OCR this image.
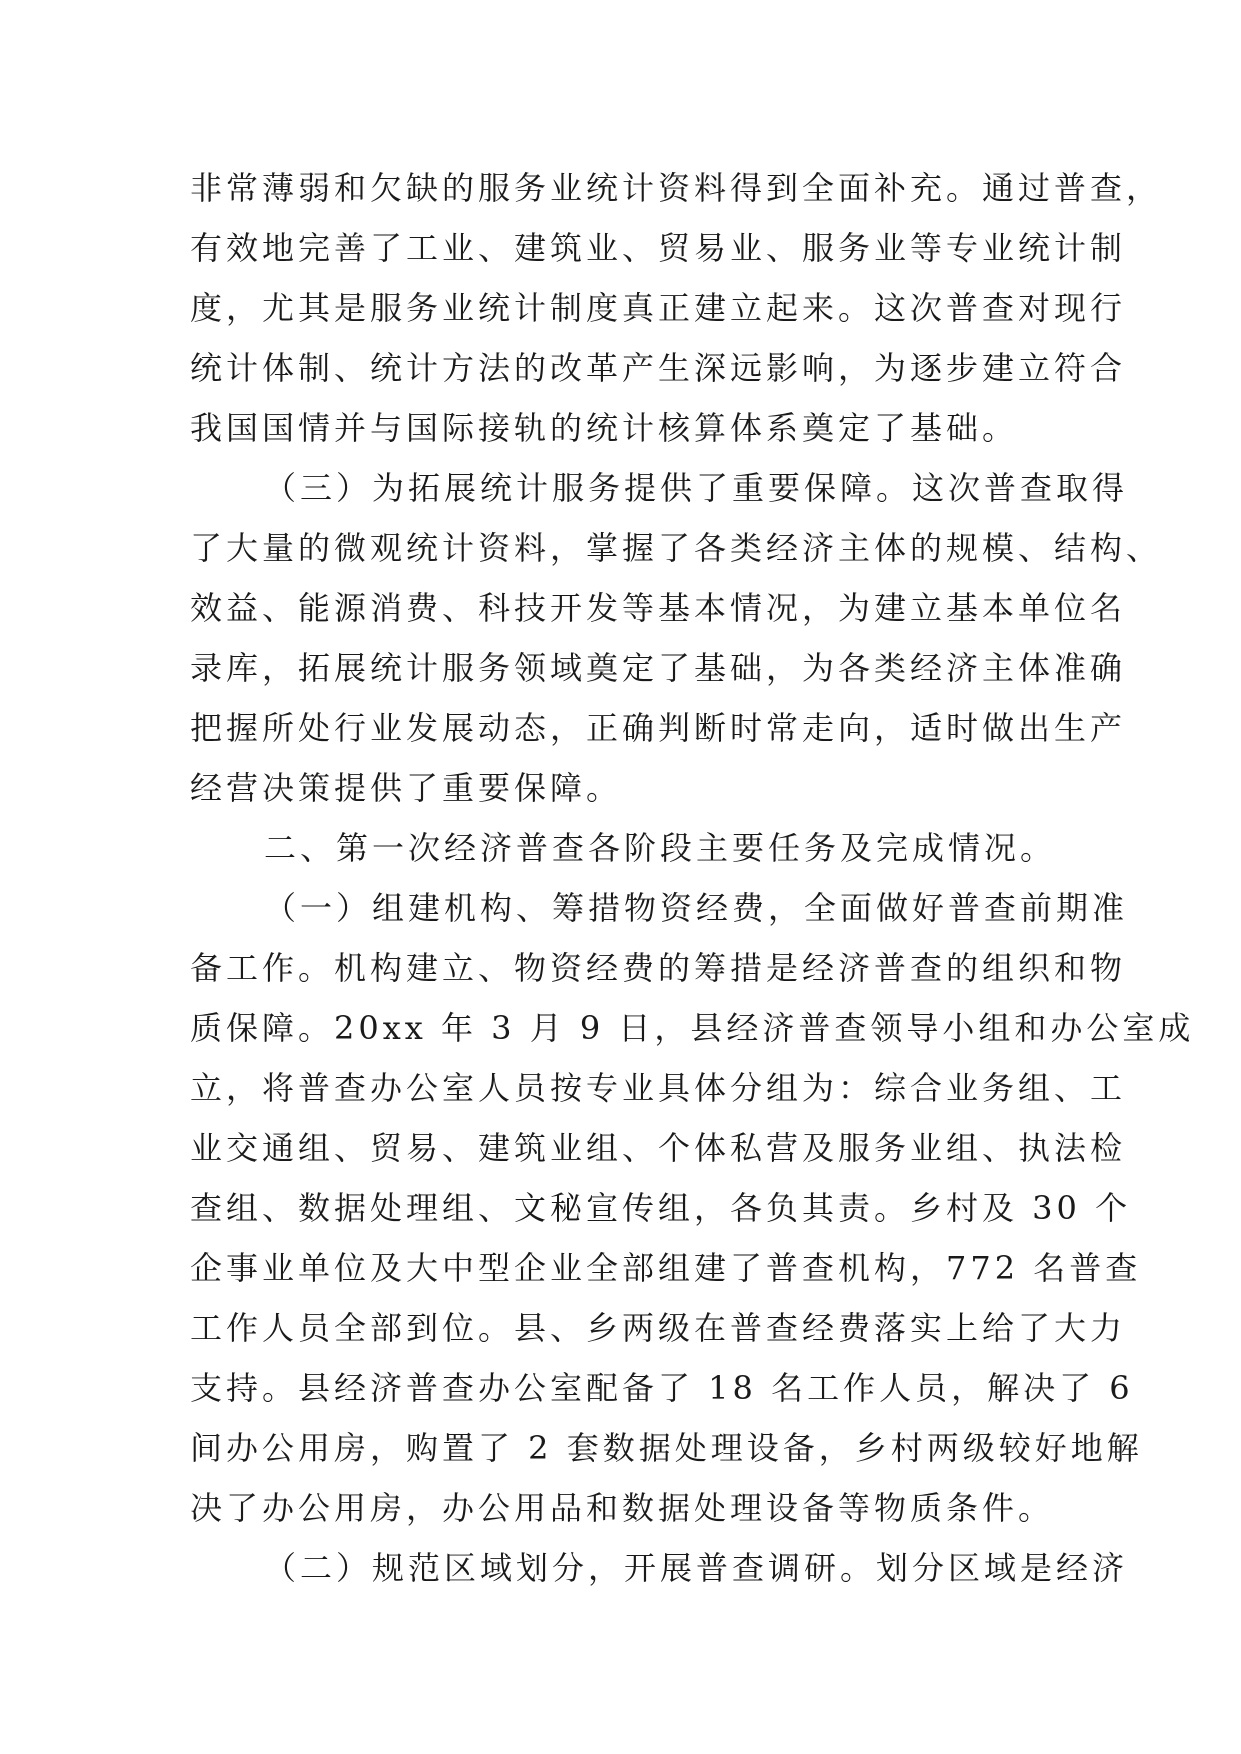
非常薄弱和欠缺的服务业统计资料得到全面补充。通过普查，
有效地完善了工业、建筑业、贸易业、服务业等专业统计制
度，尤其是服务业统计制度真正建立起来。这次普查对现行
统计体制、统计方法的改革产生深远影响，为逐步建立符合
我国国情并与国际接轨的统计核算体系奠定了基础。
（三）为拓展统计服务提供了重要保障。这次普查取得
了大量的微观统计资料，掌握了各类经济主体的规模、结构、
效益、能源消费、科技开发等基本情况，为建立基本单位名
录库，拓展统计服务领域奠定了基础，为各类经济主体准确
把握所处行业发展动态，正确判断时常走向，适时做出生产
经营决策提供了重要保障。
二、第一次经济普查各阶段主要任务及完成情况。
（一）组建机构、筹措物资经费，全面做好普查前期准
备工作。机构建立、物资经费的筹措是经济普查的组织和物
质保障。20xx 年 3 月 9 日，县经济普查领导小组和办公室成
立，将普查办公室人员按专业具体分组为：综合业务组、工
业交通组、贸易、建筑业组、个体私营及服务业组、执法检
查组、数据处理组、文秘宣传组，各负其责。乡村及 30 个
企事业单位及大中型企业全部组建了普查机构，772 名普查
工作人员全部到位。县、乡两级在普查经费落实上给了大力
支持。县经济普查办公室配备了 18 名工作人员，解决了 6
间办公用房，购置了 2 套数据处理设备，乡村两级较好地解
决了办公用房，办公用品和数据处理设备等物质条件。
（二）规范区域划分，开展普查调研。划分区域是经济
